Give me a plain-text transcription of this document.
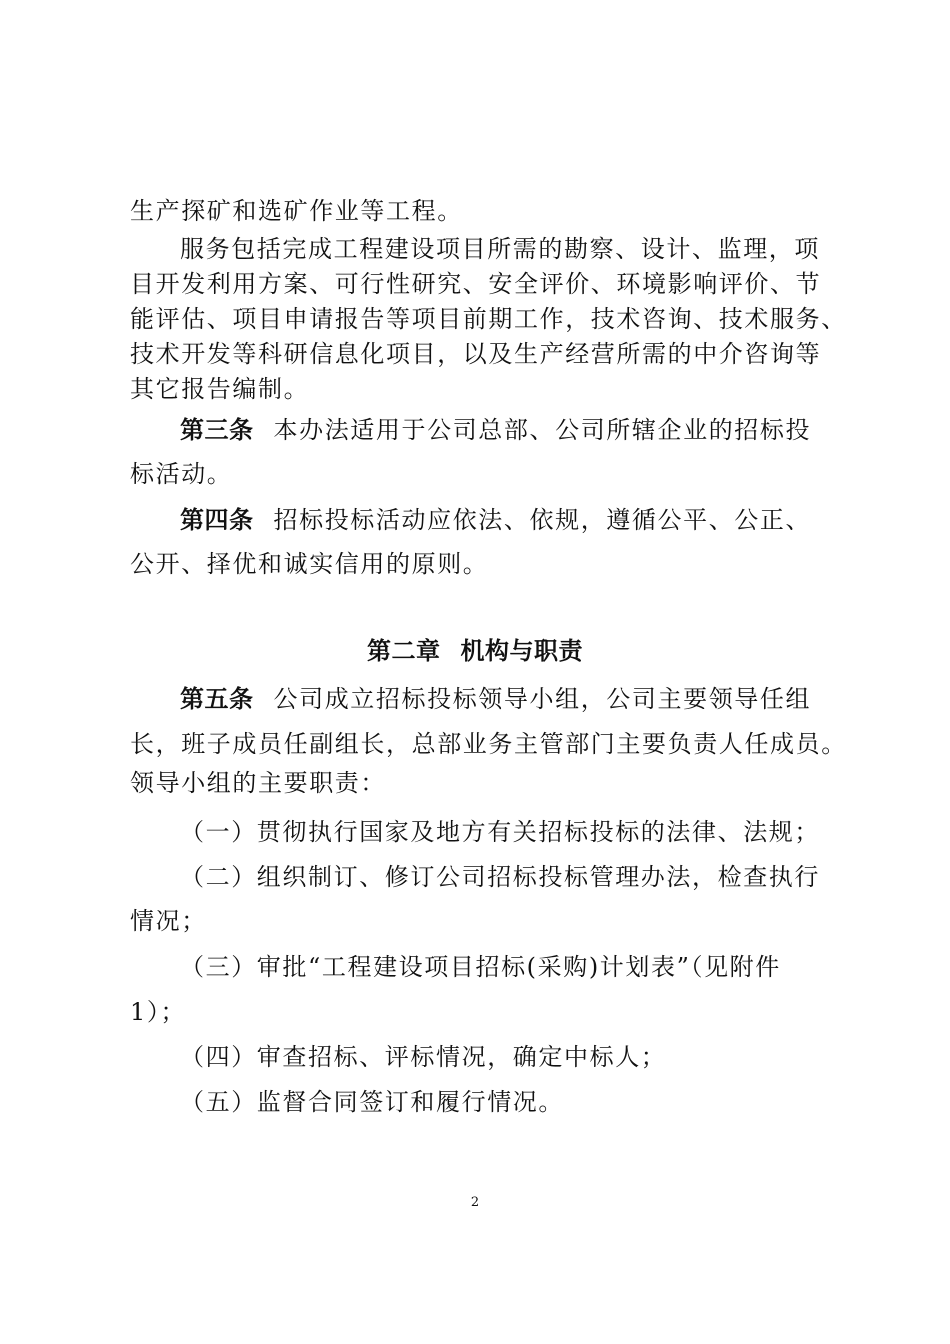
生产探矿和选矿作业等工程。
服务包括完成工程建设项目所需的勘察、设计、监理，项
目开发利用方案、可行性研究、安全评价、环境影响评价、节
能评估、项目申请报告等项目前期工作，技术咨询、技术服务、
技术开发等科研信息化项目，以及生产经营所需的中介咨询等
其它报告编制。
第三条 本办法适用于公司总部、公司所辖企业的招标投
标活动。
第四条 招标投标活动应依法、依规，遵循公平、公正、
公开、择优和诚实信用的原则。
第二章 机构与职责
第五条 公司成立招标投标领导小组，公司主要领导任组
长，班子成员任副组长，总部业务主管部门主要负责人任成员。
领导小组的主要职责：
（一）贯彻执行国家及地方有关招标投标的法律、法规；
（二）组织制订、修订公司招标投标管理办法，检查执行
情况；
（三）审批“工程建设项目招标(采购)计划表”（见附件
1）；
（四）审查招标、评标情况，确定中标人；
（五）监督合同签订和履行情况。
2
